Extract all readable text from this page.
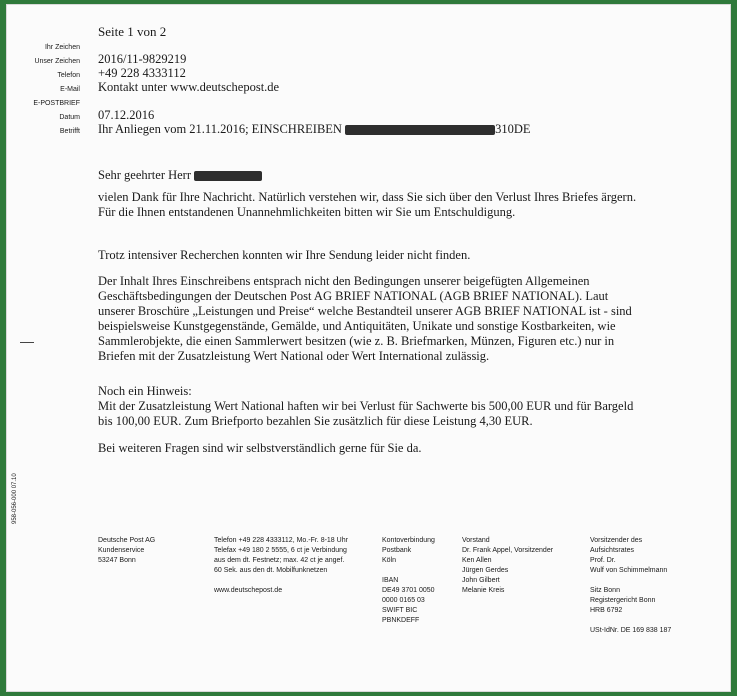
Seite 1 von 2
Ihr Zeichen
Unser Zeichen 2016/11-9829219
Telefon +49 228 4333112
E-Mail Kontakt unter www.deutschepost.de
E-POSTBRIEF
Datum 07.12.2016
Betrifft Ihr Anliegen vom 21.11.2016; EINSCHREIBEN	310DE
Sehr geehrter Herr
vielen Dank für Ihre Nachricht. Natürlich verstehen wir, dass Sie sich über den Verlust Ihres Briefes ärgern. Für die Ihnen entstandenen Unannehmlichkeiten bitten wir Sie um Entschuldigung.
Trotz intensiver Recherchen konnten wir Ihre Sendung leider nicht finden.
Der Inhalt Ihres Einschreibens entsprach nicht den Bedingungen unserer beigefügten Allgemeinen Geschäftsbedingungen der Deutschen Post AG BRIEF NATIONAL (AGB BRIEF NATIONAL). Laut unserer Broschüre „Leistungen und Preise“ welche Bestandteil unserer AGB BRIEF NATIONAL ist - sind beispielsweise Kunstgegenstände, Gemälde, und Antiquitäten, Unikate und sonstige Kostbarkeiten, wie Sammlerobjekte, die einen Sammlerwert besitzen (wie z. B. Briefmarken, Münzen, Figuren etc.) nur in Briefen mit der Zusatzleistung Wert National oder Wert International zulässig.
Noch ein Hinweis:
Mit der Zusatzleistung Wert National haften wir bei Verlust für Sachwerte bis 500,00 EUR und für Bargeld bis 100,00 EUR. Zum Briefporto bezahlen Sie zusätzlich für diese Leistung 4,30 EUR.
Bei weiteren Fragen sind wir selbstverständlich gerne für Sie da.
958-056-000 07.10
Deutsche Post AG
Kundenservice
53247 Bonn
Telefon +49 228 4333112, Mo.-Fr. 8-18 Uhr
Telefax +49 180 2 5555, 6 ct je Verbindung
aus dem dt. Festnetz; max. 42 ct je angef.
60 Sek. aus den dt. Mobilfunknetzen

www.deutschepost.de
Kontoverbindung
Postbank
Köln

IBAN
DE49 3701 0050
0000 0165 03
SWIFT BIC
PBNKDEFF
Vorstand
Dr. Frank Appel, Vorsitzender
Ken Allen
Jürgen Gerdes
John Gilbert
Melanie Kreis
Vorsitzender des
Aufsichtsrates
Prof. Dr.
Wulf von Schimmelmann

Sitz Bonn
Registergericht Bonn
HRB 6792

USt-IdNr. DE 169 838 187
